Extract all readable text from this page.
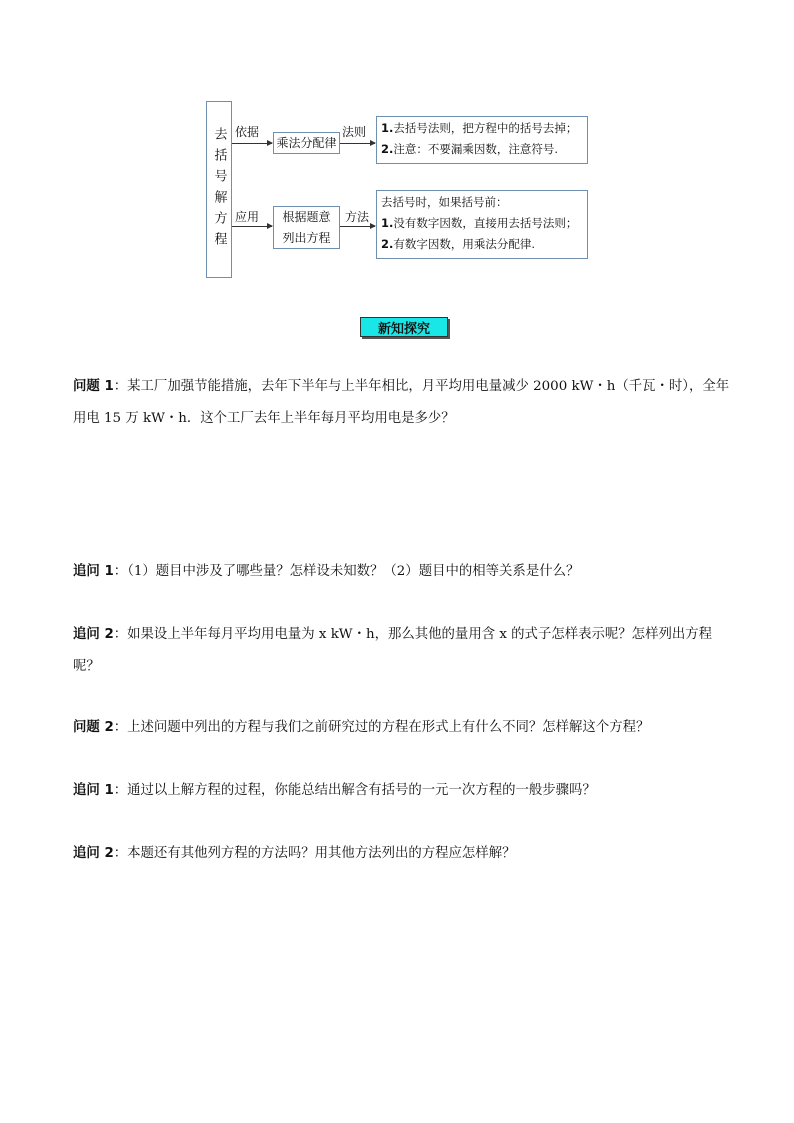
去括号解方程 依据
乘法分配律
法则 1.去括号法则，把方程中的括号去掉；
2.注意：不要漏乘因数，注意符号.
应用 根据题意
列出方程
方法
去括号时，如果括号前：
1.没有数字因数，直接用去括号法则；
2.有数字因数，用乘法分配律.
新知探究
问题 1：某工厂加强节能措施，去年下半年与上半年相比，月平均用电量减少 2000 kW・h（千瓦・时），全年用电 15 万 kW・h．这个工厂去年上半年每月平均用电是多少？
追问 1：（1）题目中涉及了哪些量？怎样设未知数？（2）题目中的相等关系是什么？
追问 2：如果设上半年每月平均用电量为 x kW・h，那么其他的量用含 x 的式子怎样表示呢？怎样列出方程呢？
问题 2：上述问题中列出的方程与我们之前研究过的方程在形式上有什么不同？怎样解这个方程？
追问 1：通过以上解方程的过程，你能总结出解含有括号的一元一次方程的一般步骤吗？
追问 2：本题还有其他列方程的方法吗？用其他方法列出的方程应怎样解？
